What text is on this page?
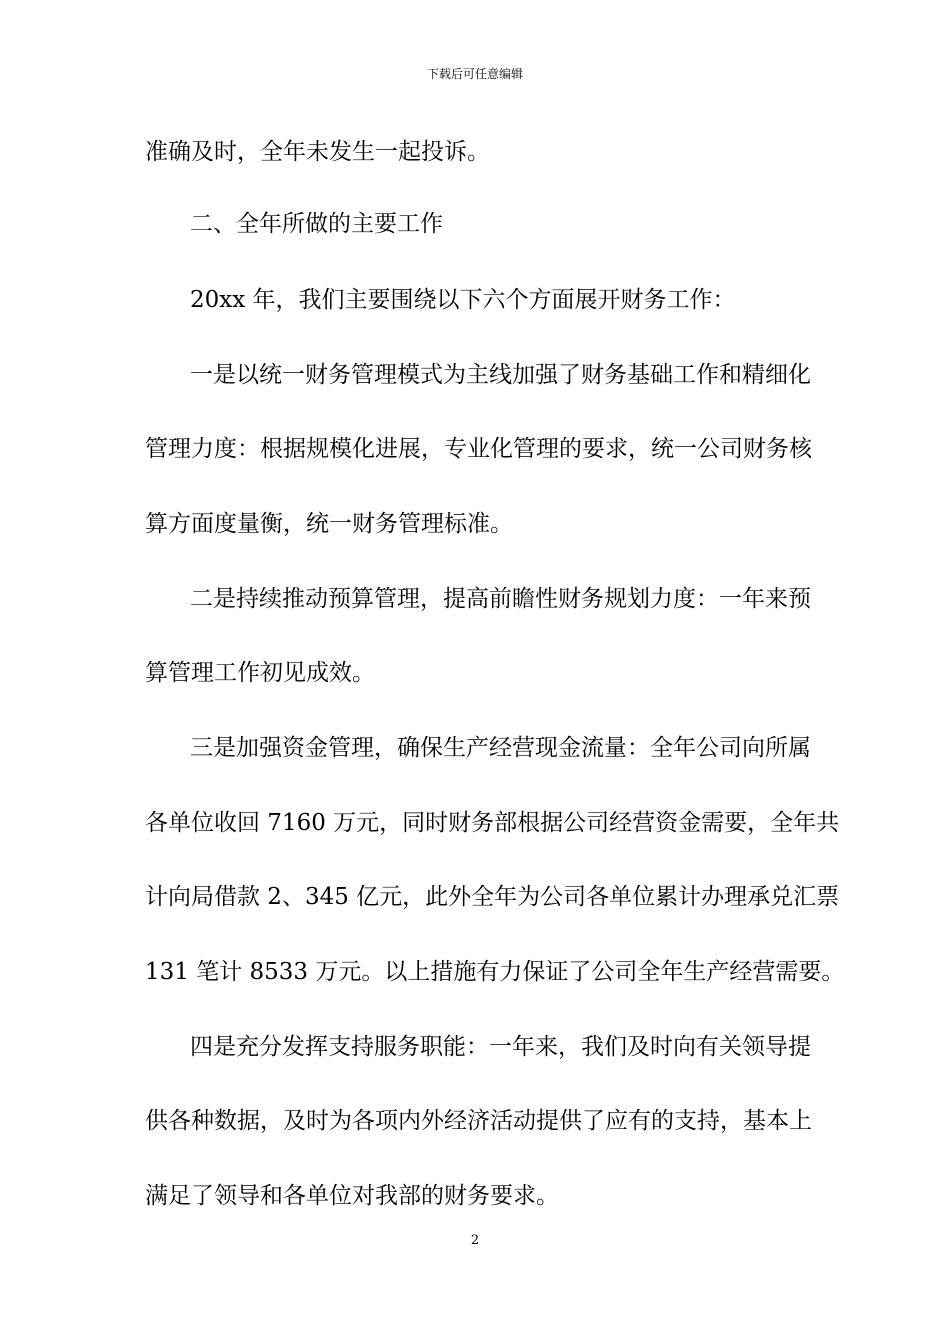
下载后可任意编辑
准确及时，全年未发生一起投诉。
二、全年所做的主要工作
20xx 年，我们主要围绕以下六个方面展开财务工作：
一是以统一财务管理模式为主线加强了财务基础工作和精细化
管理力度：根据规模化进展，专业化管理的要求，统一公司财务核
算方面度量衡，统一财务管理标准。
二是持续推动预算管理，提高前瞻性财务规划力度：一年来预
算管理工作初见成效。
三是加强资金管理，确保生产经营现金流量：全年公司向所属
各单位收回 7160 万元，同时财务部根据公司经营资金需要，全年共
计向局借款 2、345 亿元，此外全年为公司各单位累计办理承兑汇票
131 笔计 8533 万元。以上措施有力保证了公司全年生产经营需要。
四是充分发挥支持服务职能：一年来，我们及时向有关领导提
供各种数据，及时为各项内外经济活动提供了应有的支持，基本上
满足了领导和各单位对我部的财务要求。
2
